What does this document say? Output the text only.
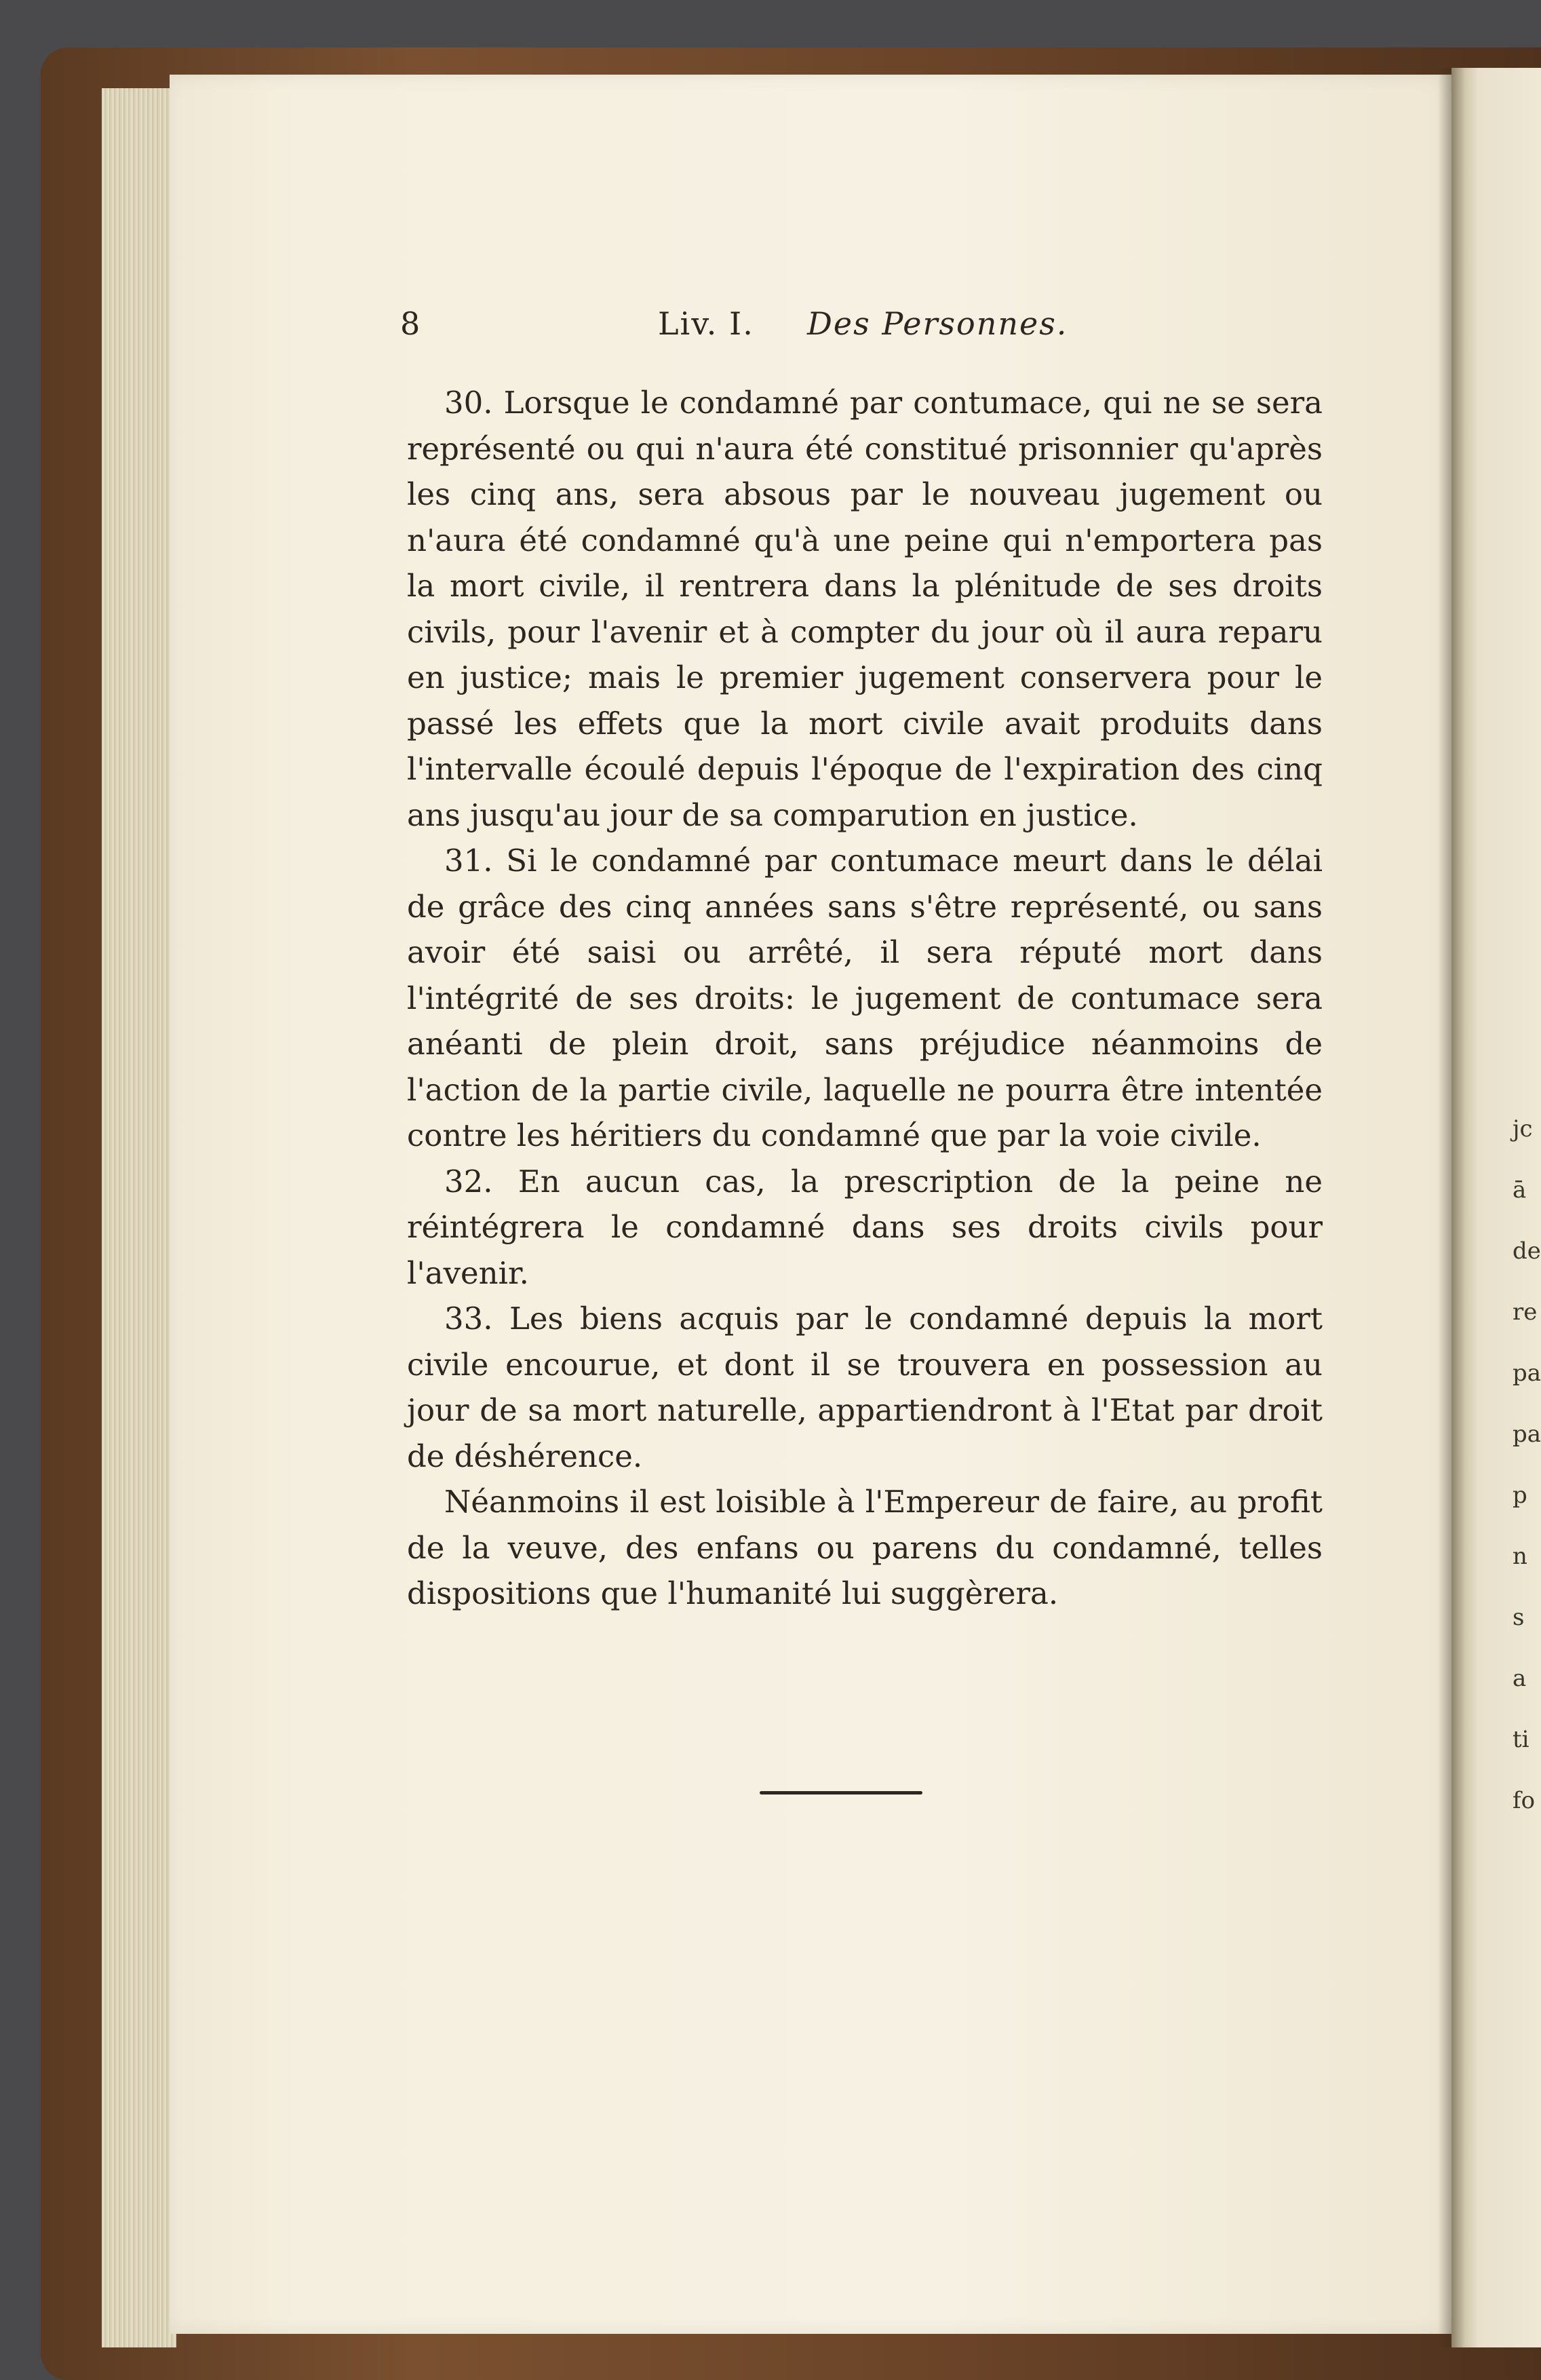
8	Liv. I. Des Personnes.

30. Lorsque le condamné par contumace, qui ne se sera représenté ou qui n'aura été constitué prisonnier qu'après les cinq ans, sera absous par le nouveau jugement ou n'aura été condamné qu'à une peine qui n'emportera pas la mort civile, il rentrera dans la plénitude de ses droits civils, pour l'avenir et à compter du jour où il aura reparu en justice; mais le premier jugement conservera pour le passé les effets que la mort civile avait produits dans l'intervalle écoulé depuis l'époque de l'expiration des cinq ans jusqu'au jour de sa comparution en justice.

31. Si le condamné par contumace meurt dans le délai de grâce des cinq années sans s'être représenté, ou sans avoir été saisi ou arrêté, il sera réputé mort dans l'intégrité de ses droits: le jugement de contumace sera anéanti de plein droit, sans préjudice néanmoins de l'action de la partie civile, laquelle ne pourra être intentée contre les héritiers du condamné que par la voie civile.

32. En aucun cas, la prescription de la peine ne réintégrera le condamné dans ses droits civils pour l'avenir.

33. Les biens acquis par le condamné depuis la mort civile encourue, et dont il se trouvera en possession au jour de sa mort naturelle, appartiendront à l'Etat par droit de déshérence.

Néanmoins il est loisible à l'Empereur de faire, au profit de la veuve, des enfans ou parens du condamné, telles dispositions que l'humanité lui suggèrera.

jc
ā
de
re
pa
pa
p
n
s
a
ti
fo
